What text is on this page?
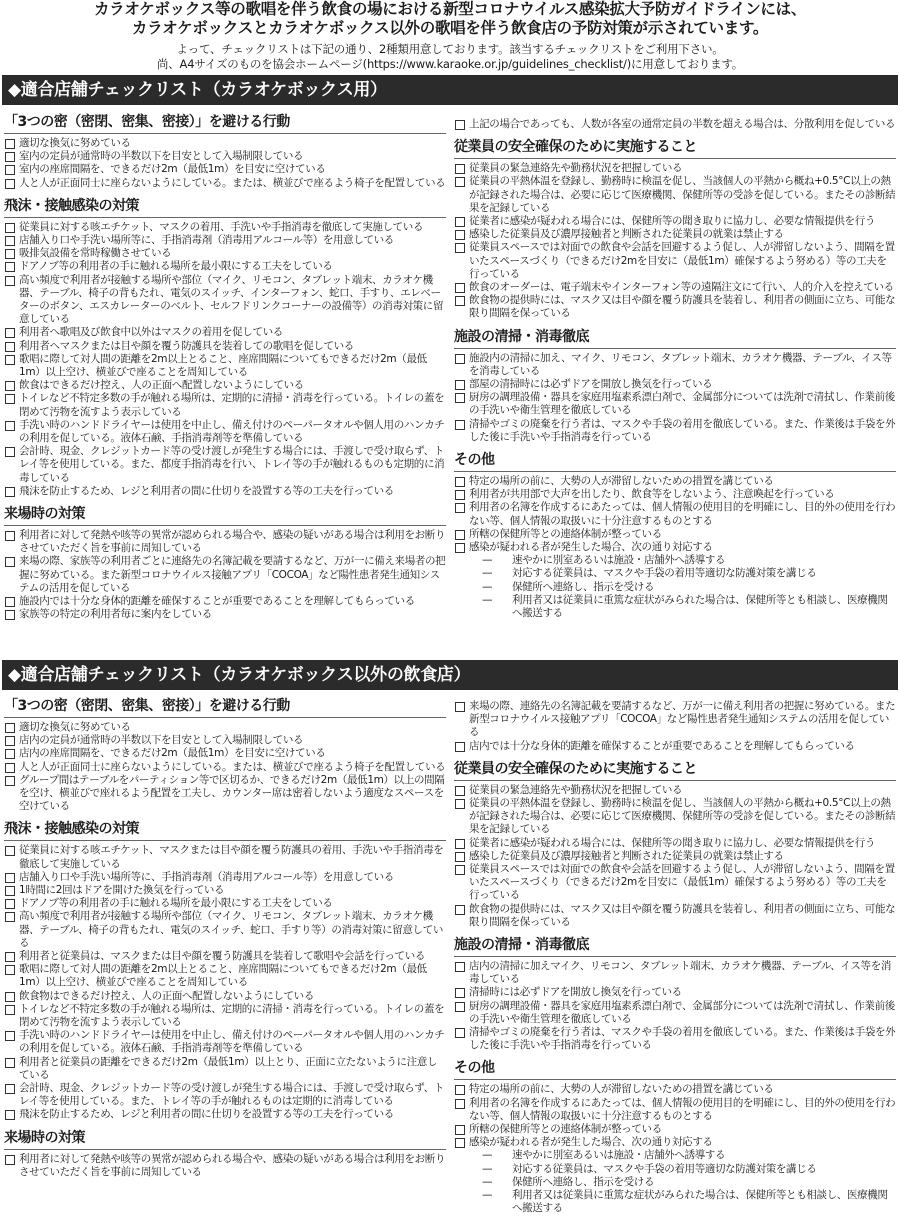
カラオケボックス等の歌唱を伴う飲食の場における新型コロナウイルス感染拡大予防ガイドラインには、
カラオケボックスとカラオケボックス以外の歌唱を伴う飲食店の予防対策が示されています。
よって、チェックリストは下記の通り、2種類用意しております。該当するチェックリストをご利用下さい。
尚、A4サイズのものを協会ホームページ(https://www.karaoke.or.jp/guidelines_checklist/)に用意しております。
◆適合店舗チェックリスト（カラオケボックス用）
「3つの密（密閉、密集、密接）」を避ける行動
適切な換気に努めている
室内の定員が通常時の半数以下を目安として入場制限している
室内の座席間隔を、できるだけ2m（最低1m）を目安に空けている
人と人が正面同士に座らないようにしている。または、横並びで座るよう椅子を配置している
飛沫・接触感染の対策
従業員に対する咳エチケット、マスクの着用、手洗いや手指消毒を徹底して実施している
店舗入り口や手洗い場所等に、手指消毒剤（消毒用アルコール等）を用意している
吸排気設備を常時稼働させている
ドアノブ等の利用者の手に触れる場所を最小限にする工夫をしている
高い頻度で利用者が接触する場所や部位（マイク、リモコン、タブレット端末、カラオケ機器、テーブル、椅子の背もたれ、電気のスイッチ、インターフォン、蛇口、手すり、エレベーターのボタン、エスカレーターのベルト、セルフドリンクコーナーの設備等）の消毒対策に留意している
利用者へ歌唱及び飲食中以外はマスクの着用を促している
利用者へマスクまたは目や顔を覆う防護具を装着しての歌唱を促している
歌唱に際して対人間の距離を2m以上とること、座席間隔についてもできるだけ2m（最低1m）以上空け、横並びで座ることを周知している
飲食はできるだけ控え、人の正面へ配置しないようにしている
トイレなど不特定多数の手が触れる場所は、定期的に清掃・消毒を行っている。トイレの蓋を閉めて汚物を流すよう表示している
手洗い時のハンドドライヤーは使用を中止し、備え付けのペーパータオルや個人用のハンカチの利用を促している。液体石鹸、手指消毒剤等を準備している
会計時、現金、クレジットカード等の受け渡しが発生する場合には、手渡しで受け取らず、トレイ等を使用している。また、都度手指消毒を行い、トレイ等の手が触れるものも定期的に消毒している
飛沫を防止するため、レジと利用者の間に仕切りを設置する等の工夫を行っている
来場時の対策
利用者に対して発熱や咳等の異常が認められる場合や、感染の疑いがある場合は利用をお断りさせていただく旨を事前に周知している
来場の際、家族等の利用者ごとに連絡先の名簿記載を要請するなど、万が一に備え来場者の把握に努めている。また新型コロナウイルス接触アプリ「COCOA」など陽性患者発生通知システムの活用を促している
施設内では十分な身体的距離を確保することが重要であることを理解してもらっている
家族等の特定の利用者毎に案内をしている
上記の場合であっても、人数が各室の通常定員の半数を超える場合は、分散利用を促している
従業員の安全確保のために実施すること
従業員の緊急連絡先や勤務状況を把握している
従業員の平熱体温を登録し、勤務時に検温を促し、当該個人の平熱から概ね+0.5°C以上の熱が記録された場合は、必要に応じて医療機関、保健所等の受診を促している。またその診断結果を記録している
従業者に感染が疑われる場合には、保健所等の聞き取りに協力し、必要な情報提供を行う
感染した従業員及び濃厚接触者と判断された従業員の就業は禁止する
従業員スペースでは対面での飲食や会話を回避するよう促し、人が滞留しないよう、間隔を置いたスペースづくり（できるだけ2mを目安に（最低1m）確保するよう努める）等の工夫を行っている
飲食のオーダーは、電子端末やインターフォン等の遠隔注文にて行い、人的介入を控えている
飲食物の提供時には、マスク又は目や顔を覆う防護具を装着し、利用者の側面に立ち、可能な限り間隔を保っている
施設の清掃・消毒徹底
施設内の清掃に加え、マイク、リモコン、タブレット端末、カラオケ機器、テーブル、イス等を消毒している
部屋の清掃時には必ずドアを開放し換気を行っている
厨房の調理設備・器具を家庭用塩素系漂白剤で、金属部分については洗剤で清拭し、作業前後の手洗いや衛生管理を徹底している
清掃やゴミの廃棄を行う者は、マスクや手袋の着用を徹底している。また、作業後は手袋を外した後に手洗いや手指消毒を行っている
その他
特定の場所の前に、大勢の人が滞留しないための措置を講じている
利用者が共用部で大声を出したり、飲食等をしないよう、注意喚起を行っている
利用者の名簿を作成するにあたっては、個人情報の使用目的を明確にし、目的外の使用を行わない等、個人情報の取扱いに十分注意するものとする
所轄の保健所等との連絡体制が整っている
感染が疑われる者が発生した場合、次の通り対応する
— 速やかに別室あるいは施設・店舗外へ誘導する
— 対応する従業員は、マスクや手袋の着用等適切な防護対策を講じる
— 保健所へ連絡し、指示を受ける
— 利用者又は従業員に重篤な症状がみられた場合は、保健所等とも相談し、医療機関へ搬送する
◆適合店舗チェックリスト（カラオケボックス以外の飲食店）
「3つの密（密閉、密集、密接）」を避ける行動
適切な換気に努めている
店内の定員が通常時の半数以下を目安として入場制限している
店内の座席間隔を、できるだけ2m（最低1m）を目安に空けている
人と人が正面同士に座らないようにしている。または、横並びで座るよう椅子を配置している
グループ間はテーブルをパーティション等で区切るか、できるだけ2m（最低1m）以上の間隔を空け、横並びで座れるよう配置を工夫し、カウンター席は密着しないよう適度なスペースを空けている
飛沫・接触感染の対策
従業員に対する咳エチケット、マスクまたは目や顔を覆う防護具の着用、手洗いや手指消毒を徹底して実施している
店舗入り口や手洗い場所等に、手指消毒剤（消毒用アルコール等）を用意している
1時間に2回はドアを開けた換気を行っている
ドアノブ等の利用者の手に触れる場所を最小限にする工夫をしている
高い頻度で利用者が接触する場所や部位（マイク、リモコン、タブレット端末、カラオケ機器、テーブル、椅子の背もたれ、電気のスイッチ、蛇口、手すり等）の消毒対策に留意している
利用者と従業員は、マスクまたは目や顔を覆う防護具を装着して歌唱や会話を行っている
歌唱に際して対人間の距離を2m以上とること、座席間隔についてもできるだけ2m（最低1m）以上空け、横並びで座ることを周知している
飲食物はできるだけ控え、人の正面へ配置しないようにしている
トイレなど不特定多数の手が触れる場所は、定期的に清掃・消毒を行っている。トイレの蓋を閉めて汚物を流すよう表示している
手洗い時のハンドドライヤーは使用を中止し、備え付けのペーパータオルや個人用のハンカチの利用を促している。液体石鹸、手指消毒剤等を準備している
利用者と従業員の距離をできるだけ2m（最低1m）以上とり、正面に立たないように注意している
会計時、現金、クレジットカード等の受け渡しが発生する場合には、手渡しで受け取らず、トレイ等を使用している。また、トレイ等の手が触れるものは定期的に消毒している
飛沫を防止するため、レジと利用者の間に仕切りを設置する等の工夫を行っている
来場時の対策
利用者に対して発熱や咳等の異常が認められる場合や、感染の疑いがある場合は利用をお断りさせていただく旨を事前に周知している
来場の際、連絡先の名簿記載を要請するなど、万が一に備え利用者の把握に努めている。また新型コロナウイルス接触アプリ「COCOA」など陽性患者発生通知システムの活用を促している
店内では十分な身体的距離を確保することが重要であることを理解してもらっている
従業員の安全確保のために実施すること
従業員の緊急連絡先や勤務状況を把握している
従業員の平熱体温を登録し、勤務時に検温を促し、当該個人の平熱から概ね+0.5°C以上の熱が記録された場合は、必要に応じて医療機関、保健所等の受診を促している。またその診断結果を記録している
従業者に感染が疑われる場合には、保健所等の聞き取りに協力し、必要な情報提供を行う
感染した従業員及び濃厚接触者と判断された従業員の就業は禁止する
従業員スペースでは対面での飲食や会話を回避するよう促し、人が滞留しないよう、間隔を置いたスペースづくり（できるだけ2mを目安に（最低1m）確保するよう努める）等の工夫を行っている
飲食物の提供時には、マスク又は目や顔を覆う防護具を装着し、利用者の側面に立ち、可能な限り間隔を保っている
施設の清掃・消毒徹底
店内の清掃に加えマイク、リモコン、タブレット端末、カラオケ機器、テーブル、イス等を消毒している
清掃時には必ずドアを開放し換気を行っている
厨房の調理設備・器具を家庭用塩素系漂白剤で、金属部分については洗剤で清拭し、作業前後の手洗いや衛生管理を徹底している
清掃やゴミの廃棄を行う者は、マスクや手袋の着用を徹底している。また、作業後は手袋を外した後に手洗いや手指消毒を行っている
その他
特定の場所の前に、大勢の人が滞留しないための措置を講じている
利用者の名簿を作成するにあたっては、個人情報の使用目的を明確にし、目的外の使用を行わない等、個人情報の取扱いに十分注意するものとする
所轄の保健所等との連絡体制が整っている
感染が疑われる者が発生した場合、次の通り対応する
— 速やかに別室あるいは施設・店舗外へ誘導する
— 対応する従業員は、マスクや手袋の着用等適切な防護対策を講じる
— 保健所へ連絡し、指示を受ける
— 利用者又は従業員に重篤な症状がみられた場合は、保健所等とも相談し、医療機関へ搬送する
